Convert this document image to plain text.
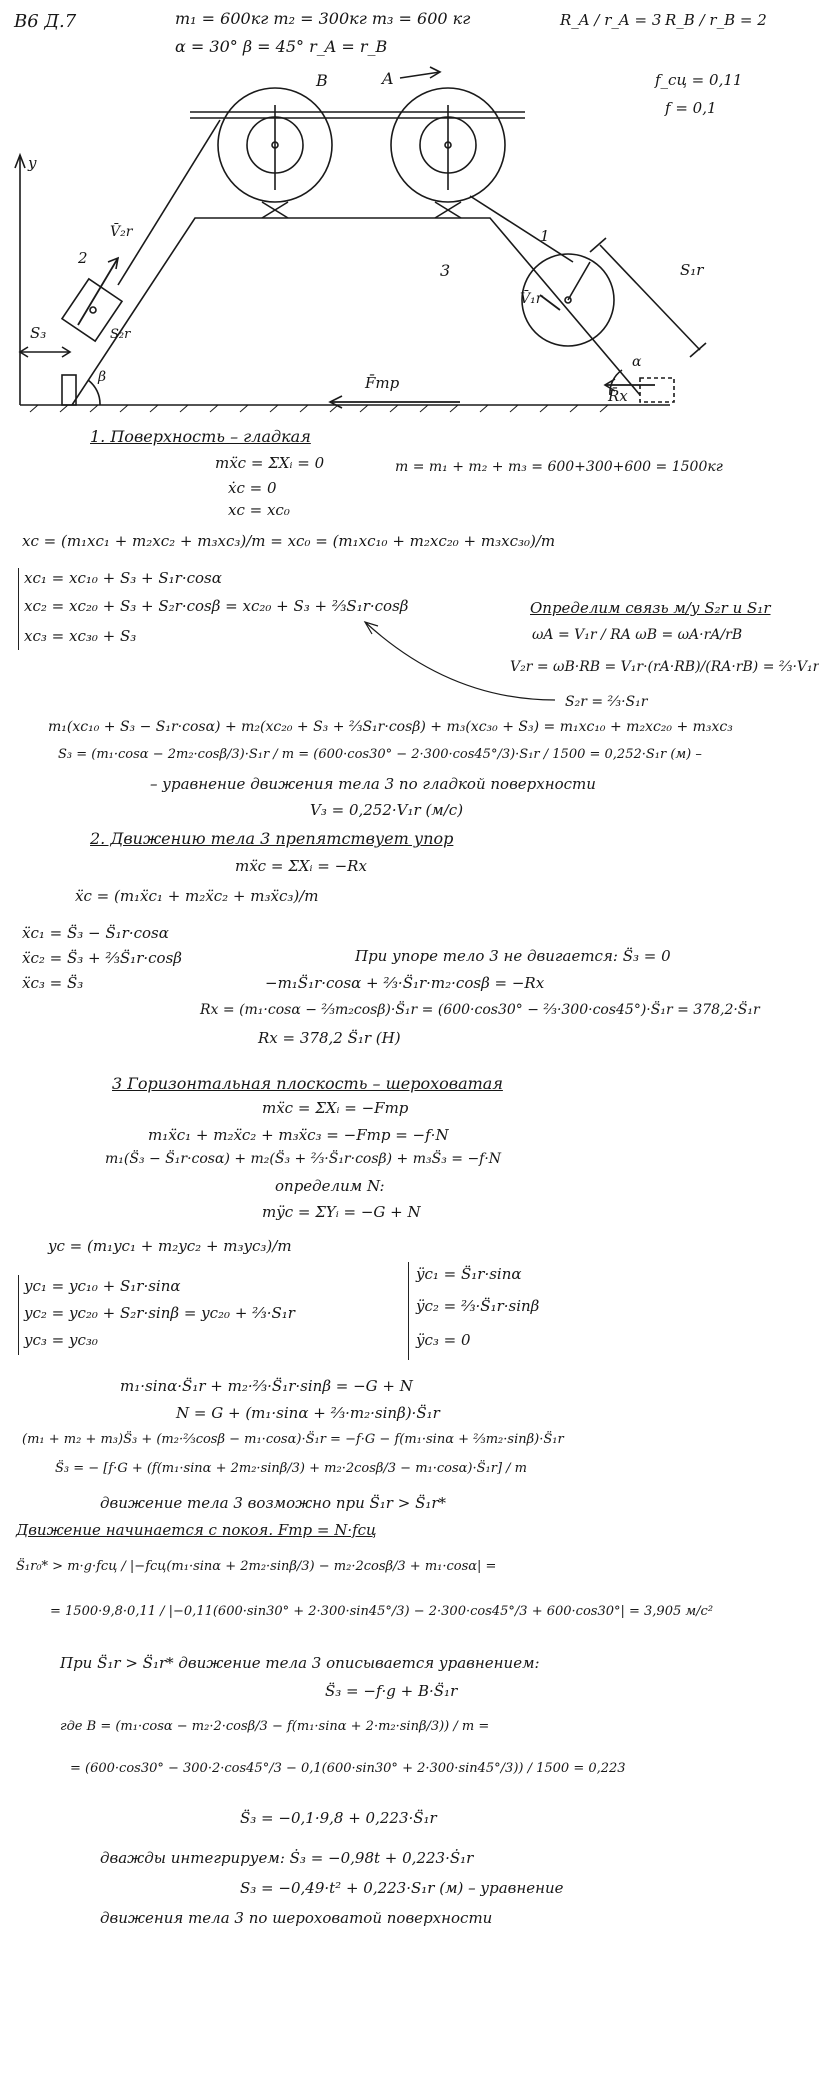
В6 Д.7	m₁ = 600кг m₂ = 300кг m₃ = 600 кг
α = 30° β = 45° r_A = r_B
R_A / r_A = 3 R_B / r_B = 2
f_сц = 0,11
f = 0,1
y
B	A
1
2
3
V̄₂r
V̄₁r
S₃
S₁r
S₂r
β
α
F̄тр
R̄x
1. Поверхность – гладкая
mẍc = ΣXᵢ = 0	m = m₁ + m₂ + m₃ = 600+300+600 = 1500кг
ẋc = 0
xc = xc₀
xc = (m₁xc₁ + m₂xc₂ + m₃xc₃)/m = xc₀ = (m₁xc₁₀ + m₂xc₂₀ + m₃xc₃₀)/m
xc₁ = xc₁₀ + S₃ + S₁r·cosα
xc₂ = xc₂₀ + S₃ + S₂r·cosβ = xc₂₀ + S₃ + ⅔S₁r·cosβ
xc₃ = xc₃₀ + S₃
Определим связь м/у S₂r и S₁r
ωA = V₁r / RA ωB = ωA·rA/rB
V₂r = ωB·RB = V₁r·(rA·RB)/(RA·rB) = ⅔·V₁r
S₂r = ⅔·S₁r
m₁(xc₁₀ + S₃ − S₁r·cosα) + m₂(xc₂₀ + S₃ + ⅔S₁r·cosβ) + m₃(xc₃₀ + S₃) = m₁xc₁₀ + m₂xc₂₀ + m₃xc₃
S₃ = (m₁·cosα − 2m₂·cosβ/3)·S₁r / m = (600·cos30° − 2·300·cos45°/3)·S₁r / 1500 = 0,252·S₁r (м) –
– уравнение движения тела 3 по гладкой поверхности
V₃ = 0,252·V₁r (м/с)
2. Движению тела 3 препятствует упор
mẍc = ΣXᵢ = −Rx
ẍc = (m₁ẍc₁ + m₂ẍc₂ + m₃ẍc₃)/m
ẍc₁ = S̈₃ − S̈₁r·cosα
ẍc₂ = S̈₃ + ⅔S̈₁r·cosβ
ẍc₃ = S̈₃
При упоре тело 3 не двигается: S̈₃ = 0
−m₁S̈₁r·cosα + ⅔·S̈₁r·m₂·cosβ = −Rx
Rx = (m₁·cosα − ⅔m₂cosβ)·S̈₁r = (600·cos30° − ⅔·300·cos45°)·S̈₁r = 378,2·S̈₁r
Rx = 378,2 S̈₁r (Н)
3 Горизонтальная плоскость – шероховатая
mẍc = ΣXᵢ = −Fтр
m₁ẍc₁ + m₂ẍc₂ + m₃ẍc₃ = −Fтр = −f·N
m₁(S̈₃ − S̈₁r·cosα) + m₂(S̈₃ + ⅔·S̈₁r·cosβ) + m₃S̈₃ = −f·N
определим N:
mÿc = ΣYᵢ = −G + N
yc = (m₁yc₁ + m₂yc₂ + m₃yc₃)/m
yc₁ = yc₁₀ + S₁r·sinα
yc₂ = yc₂₀ + S₂r·sinβ = yc₂₀ + ⅔·S₁r
yc₃ = yc₃₀
ÿc₁ = S̈₁r·sinα
ÿc₂ = ⅔·S̈₁r·sinβ
ÿc₃ = 0
m₁·sinα·S̈₁r + m₂·⅔·S̈₁r·sinβ = −G + N
N = G + (m₁·sinα + ⅔·m₂·sinβ)·S̈₁r
(m₁ + m₂ + m₃)S̈₃ + (m₂·⅔cosβ − m₁·cosα)·S̈₁r = −f·G − f(m₁·sinα + ⅔m₂·sinβ)·S̈₁r
S̈₃ = − [f·G + (f(m₁·sinα + 2m₂·sinβ/3) + m₂·2cosβ/3 − m₁·cosα)·S̈₁r] / m
движение тела 3 возможно при S̈₁r > S̈₁r*
Движение начинается с покоя. Fтр = N·fсц
S̈₁r₀* > m·g·fсц / |−fсц(m₁·sinα + 2m₂·sinβ/3) − m₂·2cosβ/3 + m₁·cosα| =
= 1500·9,8·0,11 / |−0,11(600·sin30° + 2·300·sin45°/3) − 2·300·cos45°/3 + 600·cos30°| = 3,905 м/с²
При S̈₁r > S̈₁r* движение тела 3 описывается уравнением:
S̈₃ = −f·g + B·S̈₁r
где B = (m₁·cosα − m₂·2·cosβ/3 − f(m₁·sinα + 2·m₂·sinβ/3)) / m =
= (600·cos30° − 300·2·cos45°/3 − 0,1(600·sin30° + 2·300·sin45°/3)) / 1500 = 0,223
S̈₃ = −0,1·9,8 + 0,223·S̈₁r
дважды интегрируем: Ṡ₃ = −0,98t + 0,223·Ṡ₁r
S₃ = −0,49·t² + 0,223·S₁r (м) – уравнение
движения тела 3 по шероховатой поверхности
